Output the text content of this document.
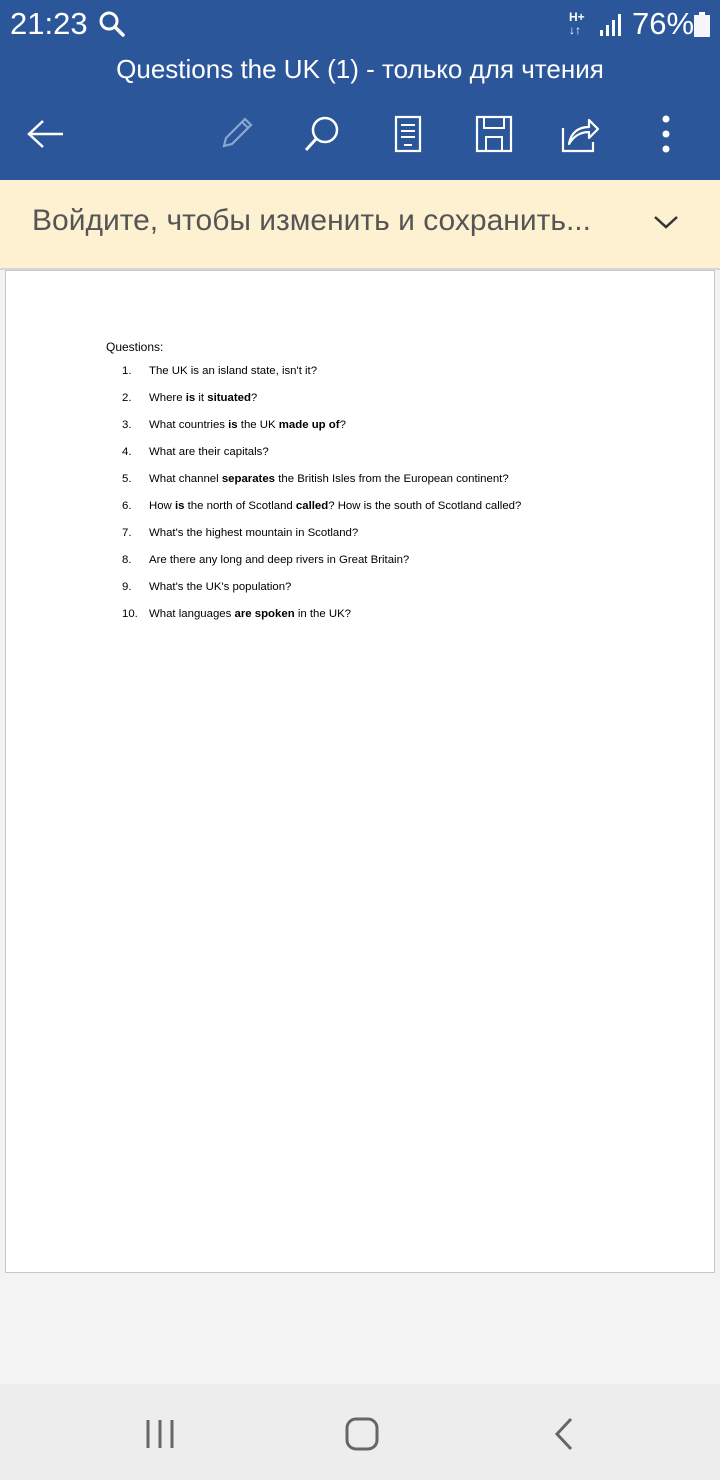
21:23	H+
↓↑ 76%
Questions the UK (1) - только для чтения
Войдите, чтобы изменить и сохранить...
Questions:
1.	The UK is an island state, isn't it?
2.	Where is it situated?
3.	What countries is the UK made up of?
4.	What are their capitals?
5.	What channel separates the British Isles from the European continent?
6.	How is the north of Scotland called? How is the south of Scotland called?
7.	What's the highest mountain in Scotland?
8.	Are there any long and deep rivers in Great Britain?
9.	What's the UK's population?
10. What languages are spoken in the UK?
